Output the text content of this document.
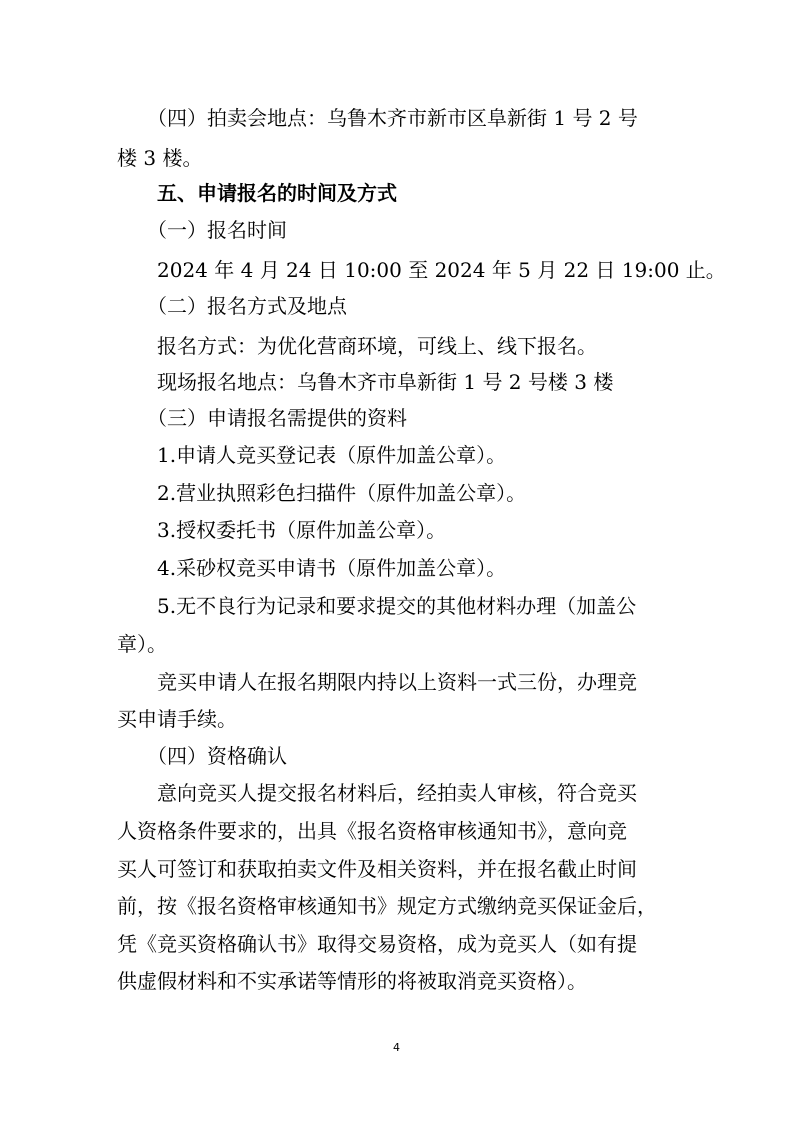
　　（四）拍卖会地点：乌鲁木齐市新市区阜新街 1 号 2 号
楼 3 楼。
　　五、申请报名的时间及方式
　　（一）报名时间
　　2024 年 4 月 24 日 10:00 至 2024 年 5 月 22 日 19:00 止。
　　（二）报名方式及地点
　　报名方式：为优化营商环境，可线上、线下报名。
　　现场报名地点：乌鲁木齐市阜新街 1 号 2 号楼 3 楼
　　（三）申请报名需提供的资料
　　1.申请人竞买登记表（原件加盖公章）。
　　2.营业执照彩色扫描件（原件加盖公章）。
　　3.授权委托书（原件加盖公章）。
　　4.采砂权竞买申请书（原件加盖公章）。
　　5.无不良行为记录和要求提交的其他材料办理（加盖公
章）。
　　竞买申请人在报名期限内持以上资料一式三份，办理竞
买申请手续。
　　（四）资格确认
　　意向竞买人提交报名材料后，经拍卖人审核，符合竞买
人资格条件要求的，出具《报名资格审核通知书》，意向竞
买人可签订和获取拍卖文件及相关资料，并在报名截止时间
前，按《报名资格审核通知书》规定方式缴纳竞买保证金后，
凭《竞买资格确认书》取得交易资格，成为竞买人（如有提
供虚假材料和不实承诺等情形的将被取消竞买资格）。
4
